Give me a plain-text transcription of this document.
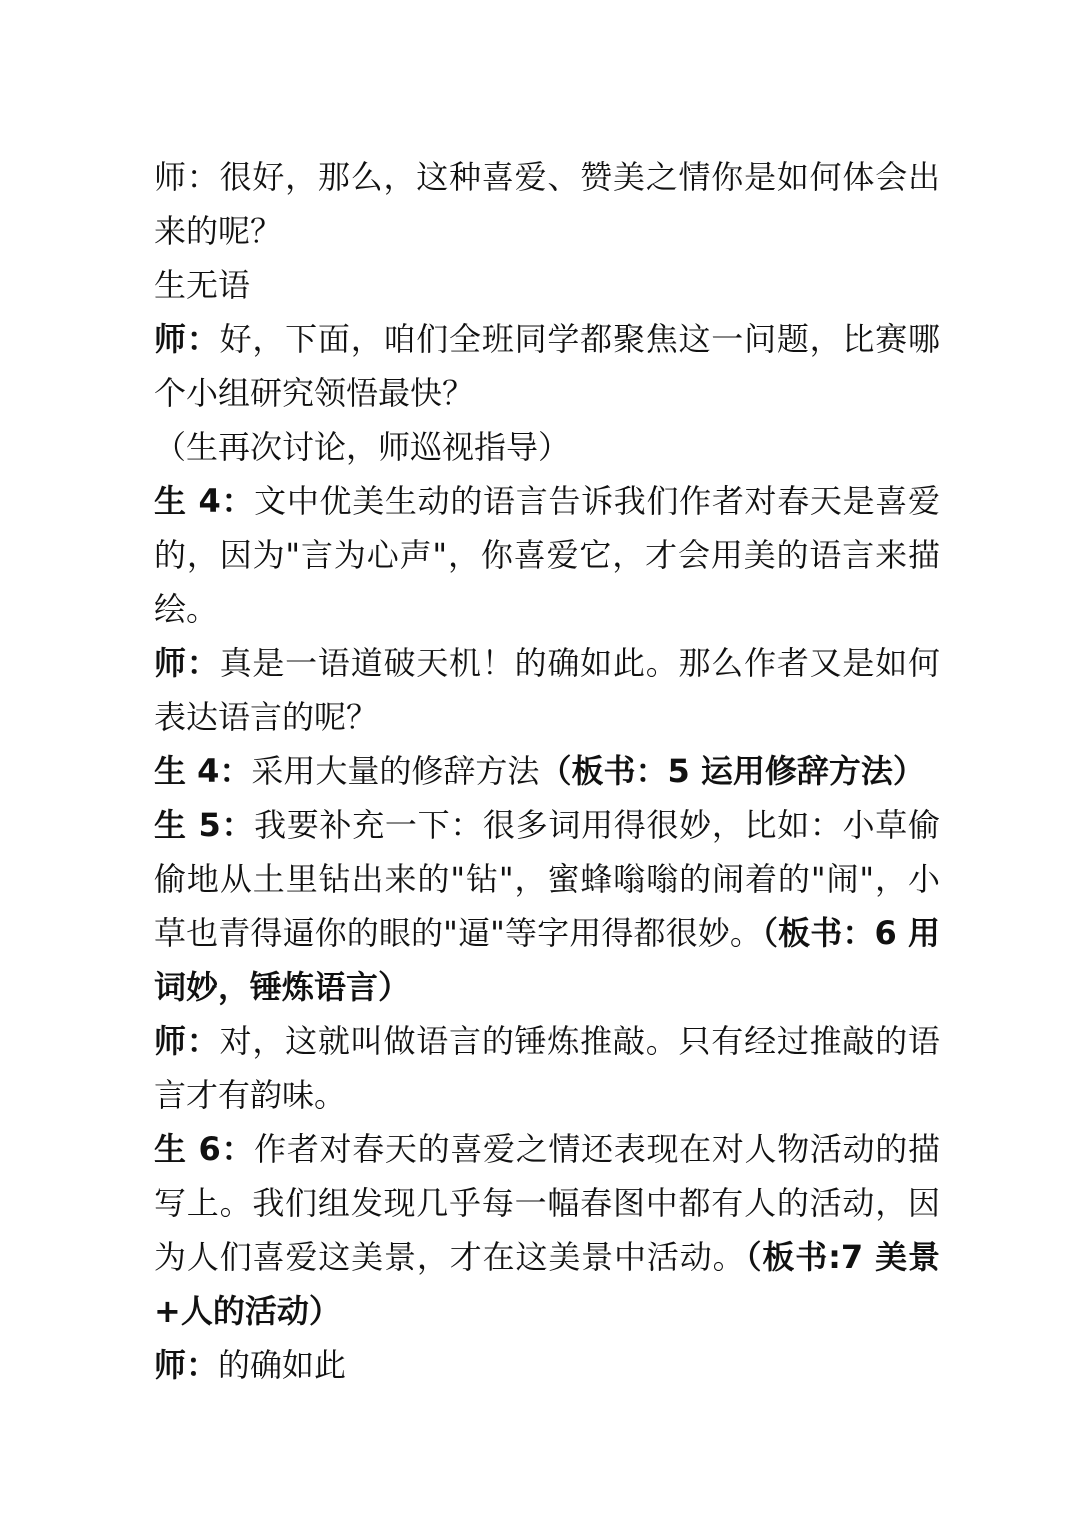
师：很好，那么，这种喜爱、赞美之情你是如何体会出来的呢？

生无语

师：好，下面，咱们全班同学都聚焦这一问题，比赛哪个小组研究领悟最快？

（生再次讨论，师巡视指导）

生 4：文中优美生动的语言告诉我们作者对春天是喜爱的，因为"言为心声"，你喜爱它，才会用美的语言来描绘。

师：真是一语道破天机！的确如此。那么作者又是如何表达语言的呢？

生 4：采用大量的修辞方法（板书：5 运用修辞方法）

生 5：我要补充一下：很多词用得很妙，比如：小草偷偷地从土里钻出来的"钻"，蜜蜂嗡嗡的闹着的"闹"，小草也青得逼你的眼的"逼"等字用得都很妙。（板书：6 用词妙，锤炼语言）

师：对，这就叫做语言的锤炼推敲。只有经过推敲的语言才有韵味。

生 6：作者对春天的喜爱之情还表现在对人物活动的描写上。我们组发现几乎每一幅春图中都有人的活动，因为人们喜爱这美景，才在这美景中活动。（板书:7 美景+人的活动）

师：的确如此
